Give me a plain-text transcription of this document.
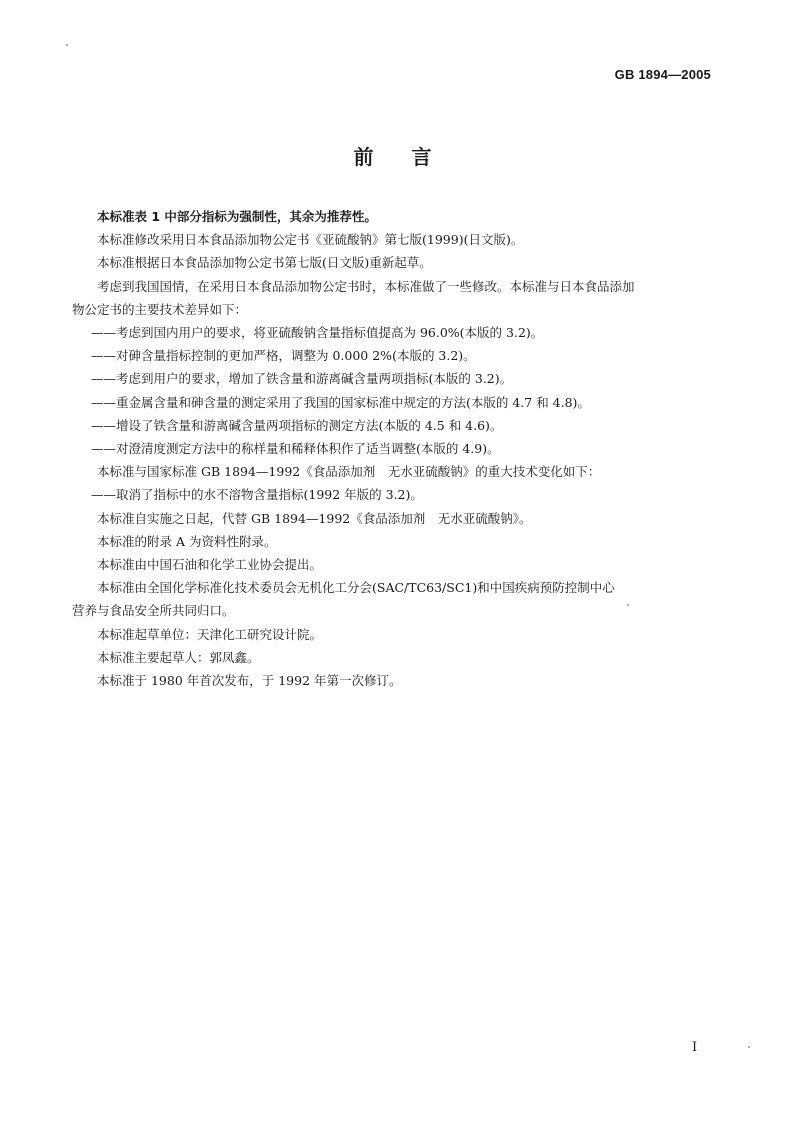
GB 1894—2005
前言

本标准表 1 中部分指标为强制性，其余为推荐性。

本标准修改采用日本食品添加物公定书《亚硫酸钠》第七版(1999)(日文版)。

本标准根据日本食品添加物公定书第七版(日文版)重新起草。

考虑到我国国情，在采用日本食品添加物公定书时，本标准做了一些修改。本标准与日本食品添加

物公定书的主要技术差异如下：

——考虑到国内用户的要求，将亚硫酸钠含量指标值提高为 96.0%(本版的 3.2)。

——对砷含量指标控制的更加严格，调整为 0.000 2%(本版的 3.2)。

——考虑到用户的要求，增加了铁含量和游离碱含量两项指标(本版的 3.2)。

——重金属含量和砷含量的测定采用了我国的国家标准中规定的方法(本版的 4.7 和 4.8)。

——增设了铁含量和游离碱含量两项指标的测定方法(本版的 4.5 和 4.6)。

——对澄清度测定方法中的称样量和稀释体积作了适当调整(本版的 4.9)。

本标准与国家标准 GB 1894—1992《食品添加剂　无水亚硫酸钠》的重大技术变化如下：

——取消了指标中的水不溶物含量指标(1992 年版的 3.2)。

本标准自实施之日起，代替 GB 1894—1992《食品添加剂　无水亚硫酸钠》。

本标准的附录 A 为资料性附录。

本标准由中国石油和化学工业协会提出。

本标准由全国化学标准化技术委员会无机化工分会(SAC/TC63/SC1)和中国疾病预防控制中心

营养与食品安全所共同归口。

本标准起草单位：天津化工研究设计院。

本标准主要起草人：郭凤鑫。

本标准于 1980 年首次发布，于 1992 年第一次修订。

I
